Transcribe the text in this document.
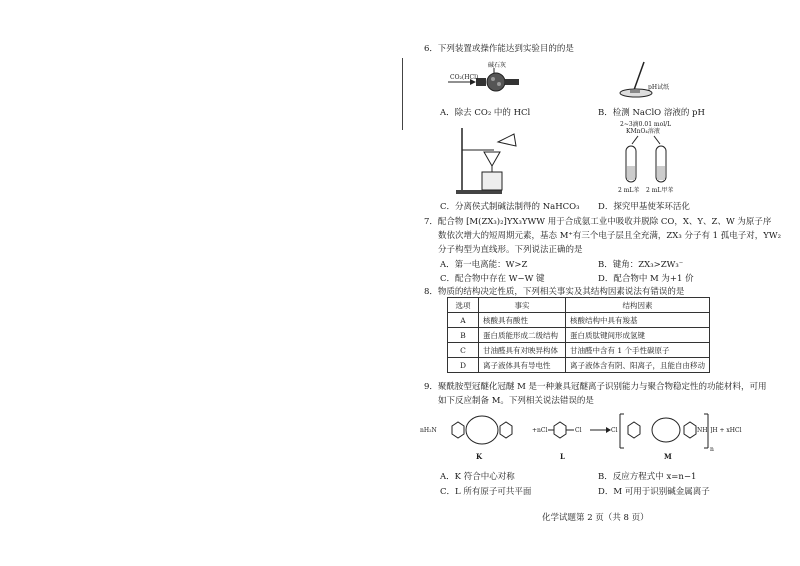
6．下列装置或操作能达到实验目的的是
CO₂(HCl)
碱石灰
pH试纸
A．除去 CO₂ 中的 HCl	B．检测 NaClO 溶液的 pH
2~3滴0.01 mol/L
KMnO₄溶液
2 mL苯 2 mL甲苯
C．分离侯式制碱法制得的 NaHCO₃ D．探究甲基使苯环活化
7．配合物 [M(ZX₃)₂]YX₃YWW 用于合成氨工业中吸收并脱除 CO，X、Y、Z、W 为原子序
数依次增大的短周期元素，基态 M⁺有三个电子层且全充满，ZX₃ 分子有 1 孤电子对，YW₂
分子构型为直线形。下列说法正确的是
A．第一电离能：W>Z	B．键角：ZX₃>ZW₃⁻
C．配合物中存在 W−W 键	D．配合物中 M 为+1 价
8．物质的结构决定性质，下列相关事实及其结构因素说法有错误的是
选项	事实	结构因素
A	核酸具有酸性	核酸结构中具有羧基
B	蛋白质能形成二级结构	蛋白质肽键间形成氢键
C	甘油醛具有对映异构体	甘油醛中含有 1 个手性碳原子
D	离子液体具有导电性	离子液体含有阴、阳离子，且能自由移动
9．聚酰胺型冠醚化冠醚 M 是一种兼具冠醚离子识别能力与聚合物稳定性的功能材料，可用
如下反应制备 M。下列相关说法错误的是
nH₂N	+nCl	Cl	Cl	NH ]H + xHCl
n
K	L	M
A．K 符合中心对称	B．反应方程式中 x=n−1
C．L 所有原子可共平面	D．M 可用于识别碱金属离子
化学试题第 2 页（共 8 页）
